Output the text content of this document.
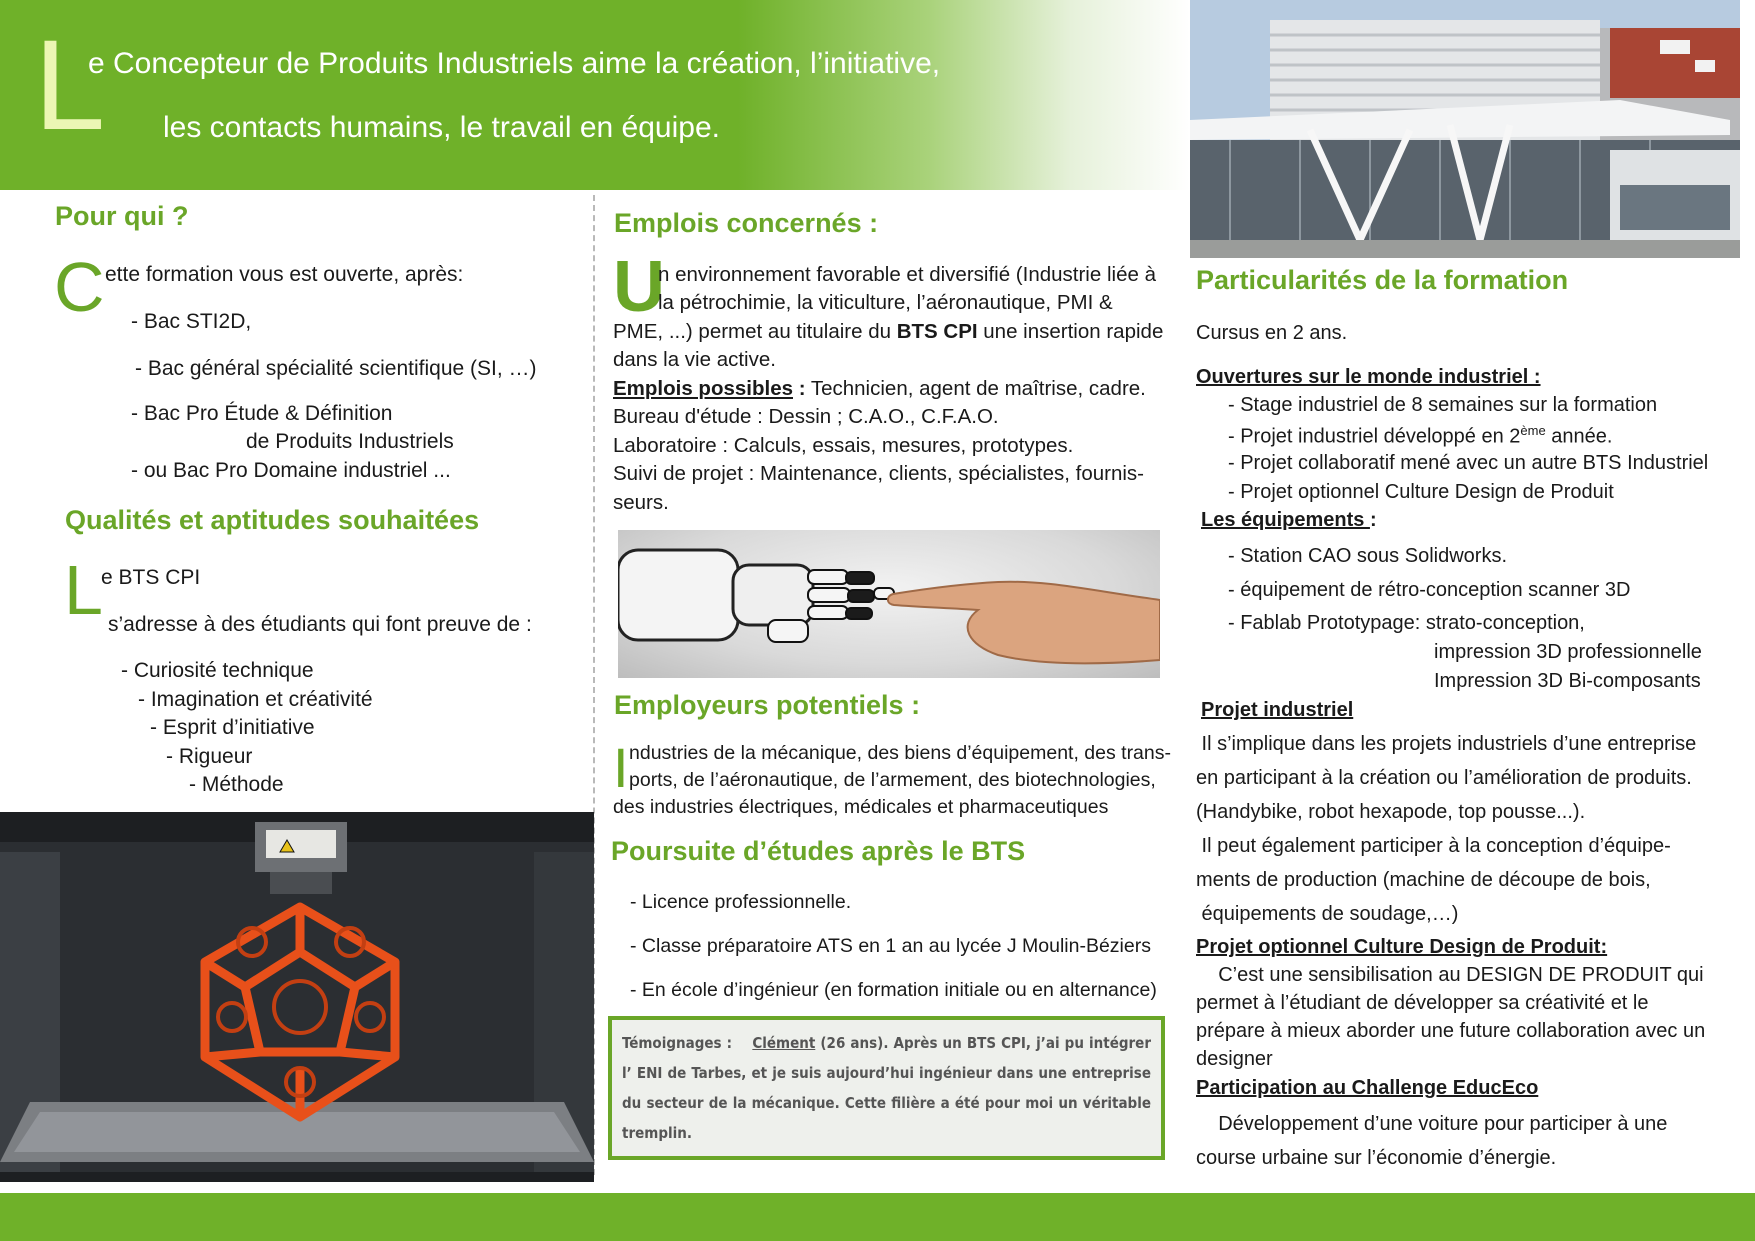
L
e Concepteur de Produits Industriels aime la création, l’initiative,
les contacts humains, le travail en équipe.
Pour qui ?
C ette formation vous est ouverte, après:
- Bac STI2D,
- Bac général spécialité scientifique (SI, …)
- Bac Pro Étude & Définition
de Produits Industriels
- ou Bac Pro Domaine industriel ...
Qualités et aptitudes souhaitées
L
e BTS CPI
s’adresse à des étudiants qui font preuve de :
- Curiosité technique
- Imagination et créativité
- Esprit d’initiative
- Rigueur
- Méthode
Emplois concernés :
U
n environnement favorable et diversifié (Industrie liée à
la pétrochimie, la viticulture, l’aéronautique, PMI &
PME, ...) permet au titulaire du BTS CPI une insertion rapide
dans la vie active.
Emplois possibles : Technicien, agent de maîtrise, cadre.
Bureau d'étude : Dessin ; C.A.O., C.F.A.O.
Laboratoire : Calculs, essais, mesures, prototypes.
Suivi de projet : Maintenance, clients, spécialistes, fournis-
seurs.
Employeurs potentiels :
I ndustries de la mécanique, des biens d’équipement, des trans-
ports, de l’aéronautique, de l’armement, des biotechnologies,
des industries électriques, médicales et pharmaceutiques
Poursuite d’études après le BTS
- Licence professionnelle.
- Classe préparatoire ATS en 1 an au lycée J Moulin-Béziers
- En école d’ingénieur (en formation initiale ou en alternance)

Témoignages : Clément (26 ans). Après un BTS CPI, j’ai pu intégrer l’ ENI de Tarbes, et je suis aujourd’hui ingénieur dans une entreprise du secteur de la mécanique. Cette filière a été pour moi un véritable tremplin.

Particularités de la formation
Cursus en 2 ans.
Ouvertures sur le monde industriel :
- Stage industriel de 8 semaines sur la formation
- Projet industriel développé en 2ème année.
- Projet collaboratif mené avec un autre BTS Industriel
- Projet optionnel Culture Design de Produit
Les équipements :
- Station CAO sous Solidworks.
- équipement de rétro-conception scanner 3D
- Fablab Prototypage: strato-conception,
impression 3D professionnelle
Impression 3D Bi-composants
Projet industriel
Il s’implique dans les projets industriels d’une entreprise
en participant à la création ou l’amélioration de produits.
(Handybike, robot hexapode, top pousse...).
Il peut également participer à la conception d’équipe-
ments de production (machine de découpe de bois,
équipements de soudage,…)
Projet optionnel Culture Design de Produit:
C’est une sensibilisation au DESIGN DE PRODUIT qui
permet à l’étudiant de développer sa créativité et le
prépare à mieux aborder une future collaboration avec un
designer
Participation au Challenge EducEco
Développement d’une voiture pour participer à une
course urbaine sur l’économie d’énergie.
